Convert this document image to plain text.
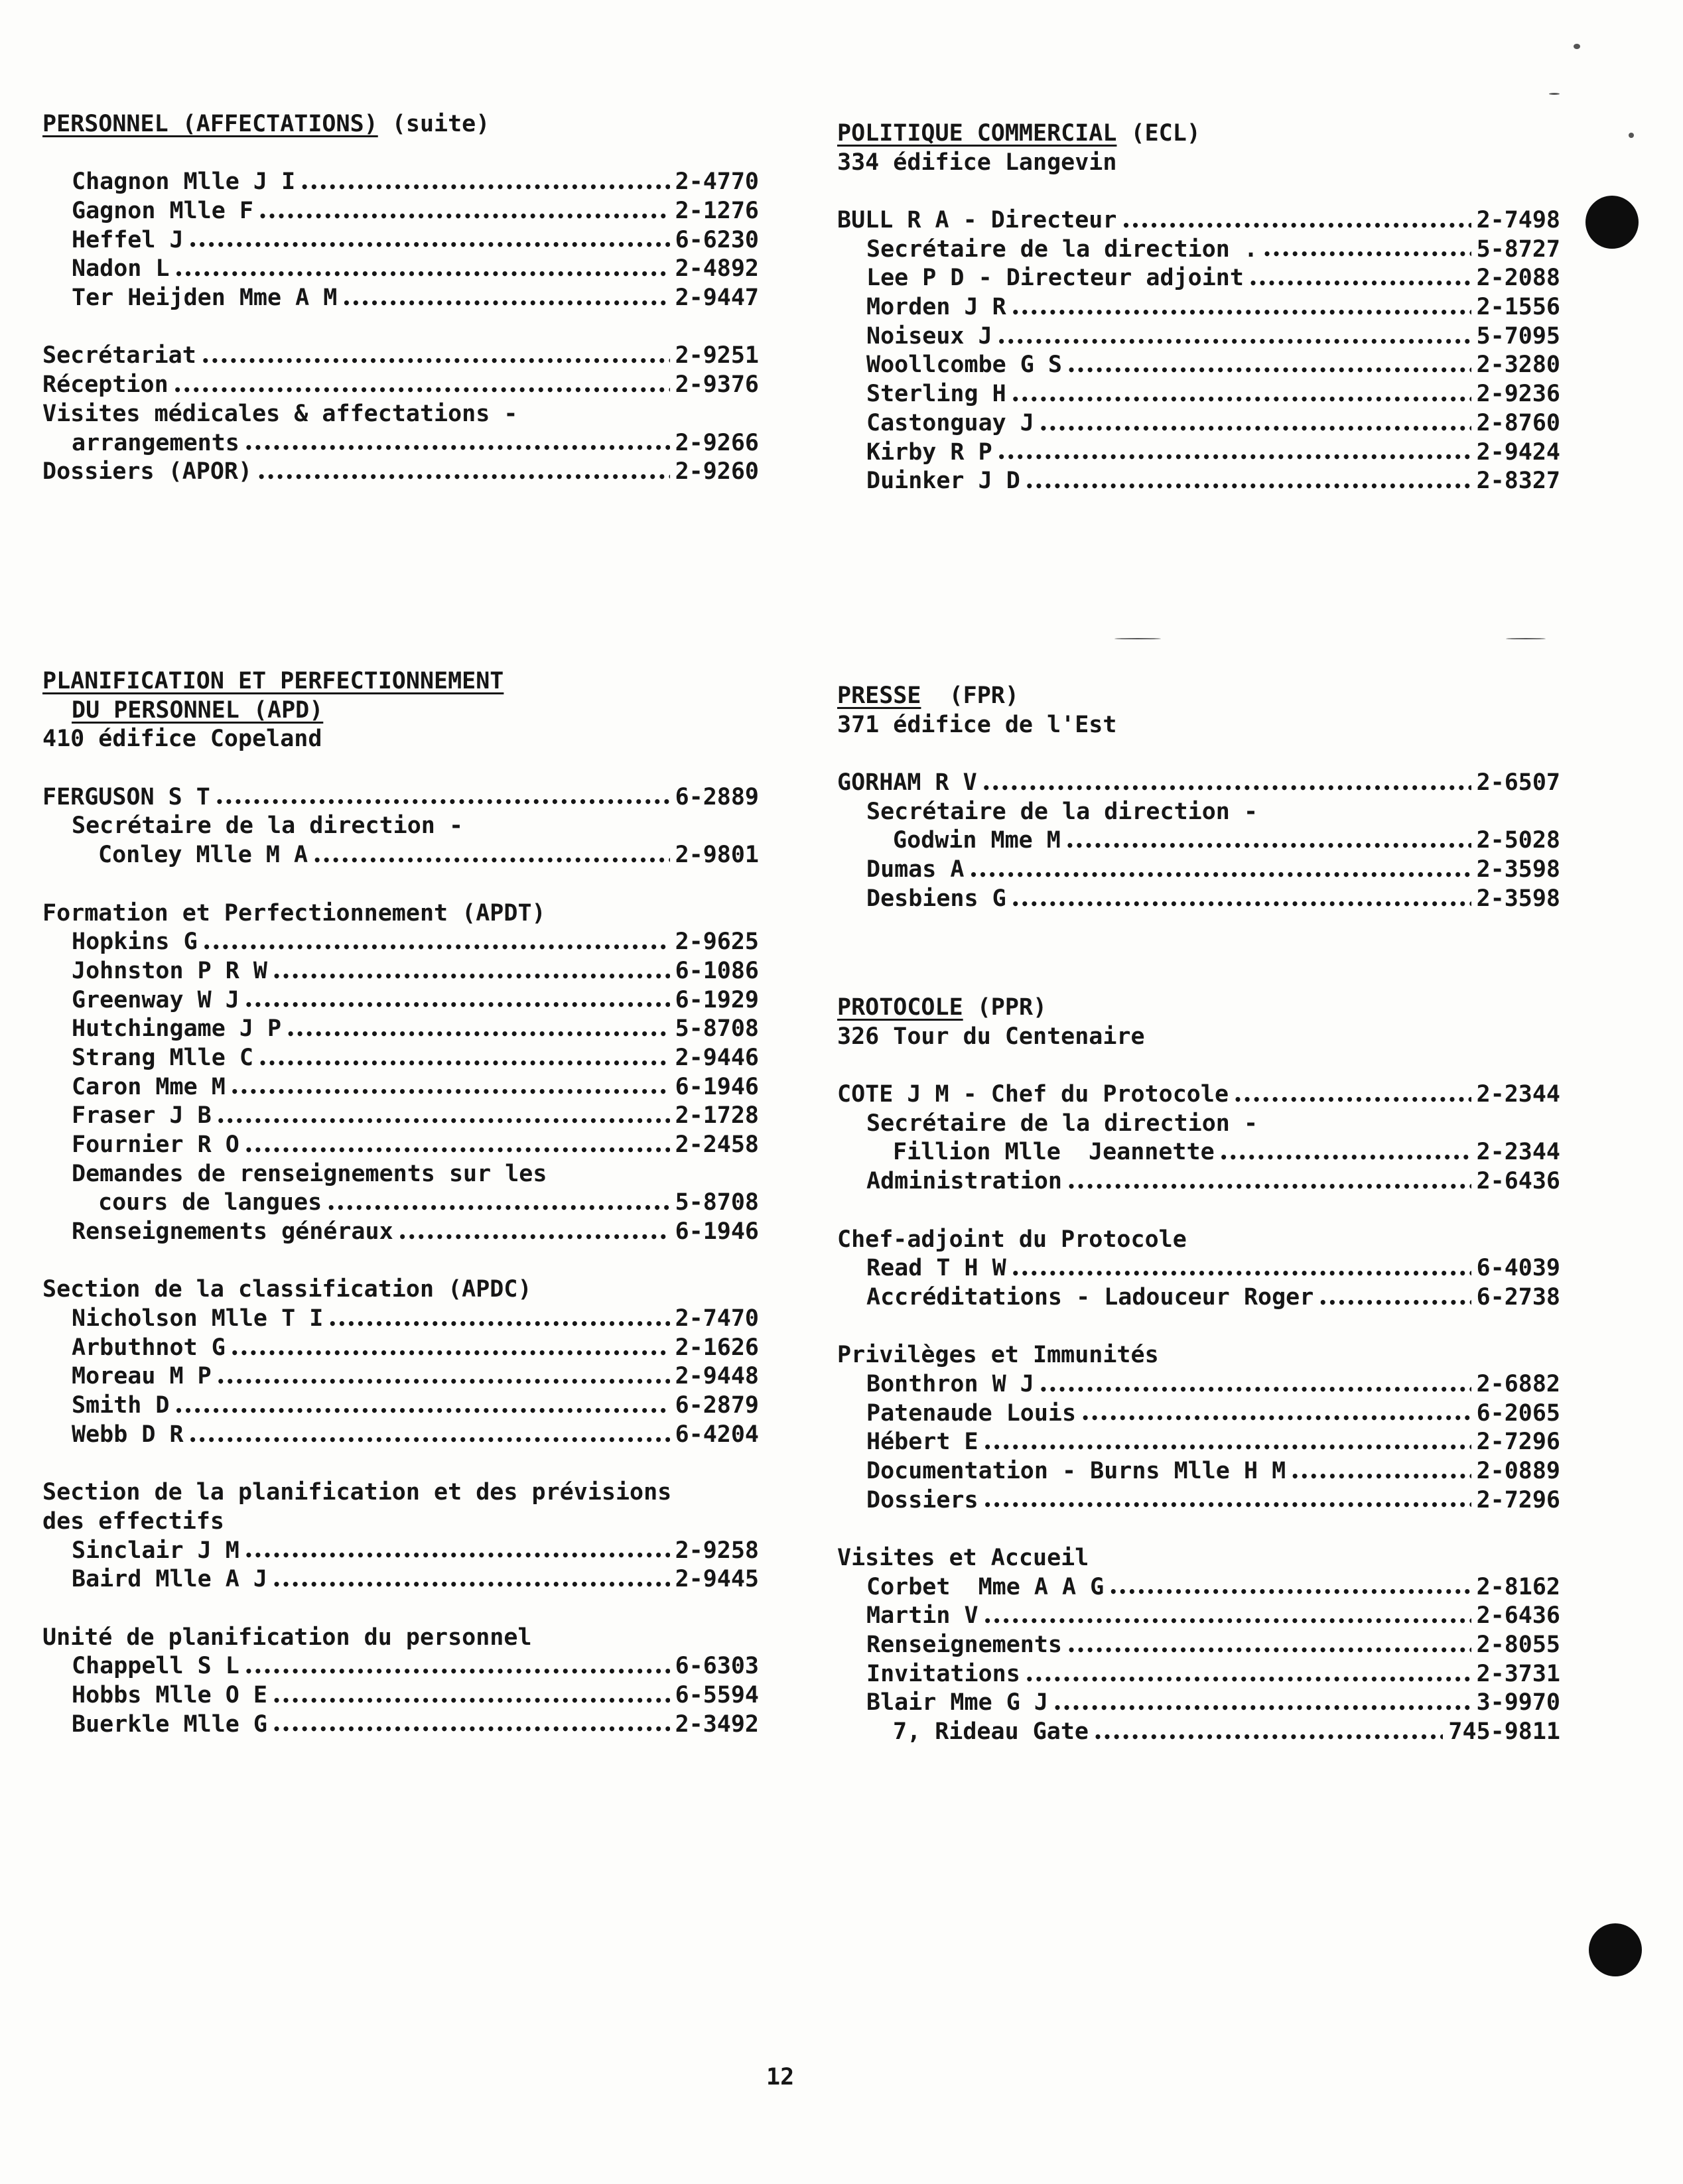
PERSONNEL (AFFECTATIONS) (suite)
Chagnon Mlle J I •••••	2-4770
Gagnon Mlle F •••••	2-1276
Heffel J •••••	6-6230
Nadon L •••••	2-4892
Ter Heijden Mme A M •••••	2-9447
Secrétariat •••••	2-9251
Réception •••••	2-9376
Visites médicales & affectations -
arrangements •••••	2-9266
Dossiers (APOR) •••••	2-9260
PLANIFICATION ET PERFECTIONNEMENT
DU PERSONNEL (APD)
410 édifice Copeland
FERGUSON S T •••••	6-2889
Secrétaire de la direction -
Conley Mlle M A •••••	2-9801
Formation et Perfectionnement (APDT)
Hopkins G •••••	2-9625
Johnston P R W •••••	6-1086
Greenway W J •••••	6-1929
Hutchingame J P •••••	5-8708
Strang Mlle C •••••	2-9446
Caron Mme M •••••	6-1946
Fraser J B •••••	2-1728
Fournier R O •••••	2-2458
Demandes de renseignements sur les
cours de langues •••••	5-8708
Renseignements généraux •••••	6-1946
Section de la classification (APDC)
Nicholson Mlle T I •••••	2-7470
Arbuthnot G •••••	2-1626
Moreau M P •••••	2-9448
Smith D •••••	6-2879
Webb D R •••••	6-4204
Section de la planification et des prévisions
des effectifs
Sinclair J M •••••	2-9258
Baird Mlle A J •••••	2-9445
Unité de planification du personnel
Chappell S L •••••	6-6303
Hobbs Mlle O E •••••	6-5594
Buerkle Mlle G •••••	2-3492
POLITIQUE COMMERCIAL (ECL)
334 édifice Langevin
BULL R A - Directeur •••••	2-7498
Secrétaire de la direction . •••••	5-8727
Lee P D - Directeur adjoint •••••	2-2088
Morden J R •••••	2-1556
Noiseux J •••••	5-7095
Woollcombe G S •••••	2-3280
Sterling H •••••	2-9236
Castonguay J •••••	2-8760
Kirby R P •••••	2-9424
Duinker J D •••••	2-8327
PRESSE  (FPR)
371 édifice de l'Est
GORHAM R V •••••	2-6507
Secrétaire de la direction -
Godwin Mme M •••••	2-5028
Dumas A •••••	2-3598
Desbiens G •••••	2-3598
PROTOCOLE (PPR)
326 Tour du Centenaire
COTE J M - Chef du Protocole •••••	2-2344
Secrétaire de la direction -
Fillion Mlle  Jeannette •••••	2-2344
Administration •••••	2-6436
Chef-adjoint du Protocole
Read T H W •••••	6-4039
Accréditations - Ladouceur Roger •••••	6-2738
Privilèges et Immunités
Bonthron W J •••••	2-6882
Patenaude Louis •••••	6-2065
Hébert E •••••	2-7296
Documentation - Burns Mlle H M •••••	2-0889
Dossiers •••••	2-7296
Visites et Accueil
Corbet  Mme A A G •••••	2-8162
Martin V •••••	2-6436
Renseignements •••••	2-8055
Invitations •••••	2-3731
Blair Mme G J •••••	3-9970
7, Rideau Gate •••••	745-9811
12
